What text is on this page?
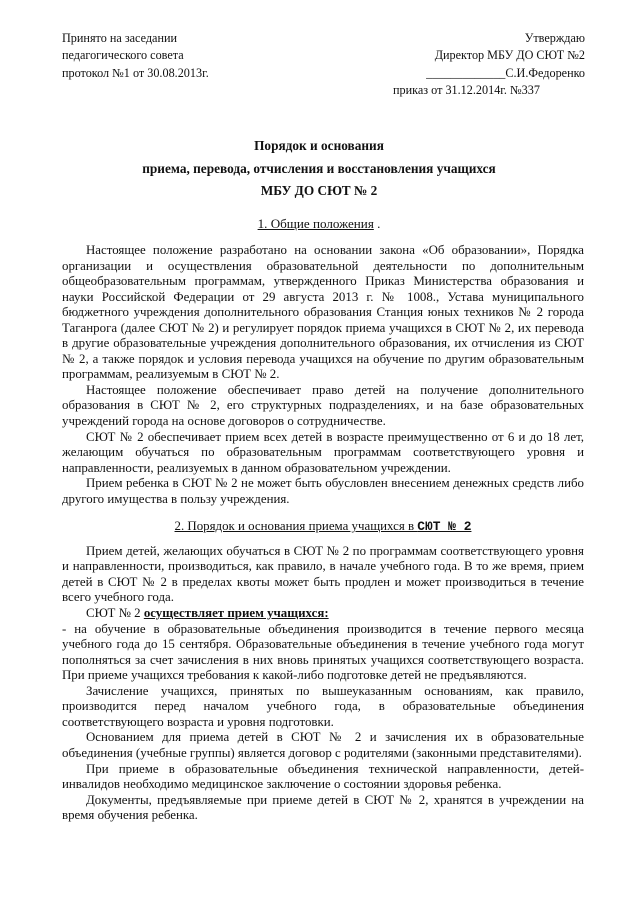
Принято на заседании
педагогического совета
протокол №1 от 30.08.2013г.
Утверждаю
Директор МБУ ДО СЮТ №2
_____________С.И.Федоренко
приказ от 31.12.2014г. №337
Порядок и основания
приема, перевода, отчисления и восстановления учащихся
МБУ ДО СЮТ № 2
1. Общие положения .

Настоящее положение разработано на основании закона «Об образовании», Порядка организации и осуществления образовательной деятельности по дополнительным общеобразовательным программам, утвержденного Приказ Министерства образования и науки Российской Федерации от 29 августа 2013 г. № 1008., Устава муниципального бюджетного учреждения дополнительного образования Станция юных техников № 2 города Таганрога (далее СЮТ № 2) и регулирует порядок приема учащихся в СЮТ № 2, их перевода в другие образовательные учреждения дополнительного образования, их отчисления из СЮТ № 2, а также порядок и условия перевода учащихся на обучение по другим образовательным программам, реализуемым в СЮТ № 2.

Настоящее положение обеспечивает право детей на получение дополнительного образования в СЮТ № 2, его структурных подразделениях, и на базе образовательных учреждений города на основе договоров о сотрудничестве.

СЮТ № 2 обеспечивает прием всех детей в возрасте преимущественно от 6 и до 18 лет, желающим обучаться по образовательным программам соответствующего уровня и направленности, реализуемых в данном образовательном учреждении.

Прием ребенка в СЮТ № 2 не может быть обусловлен внесением денежных средств либо другого имущества в пользу учреждения.

2. Порядок и основания приема учащихся в СЮТ № 2

Прием детей, желающих обучаться в СЮТ № 2 по программам соответствующего уровня и направленности, производиться, как правило, в начале учебного года. В то же время, прием детей в СЮТ № 2 в пределах квоты может быть продлен и может производиться в течение всего учебного года.

СЮТ № 2 осуществляет прием учащихся:

- на обучение в образовательные объединения производится в течение первого месяца учебного года до 15 сентября. Образовательные объединения в течение учебного года могут пополняться за счет зачисления в них вновь принятых учащихся соответствующего возраста. При приеме учащихся требования к какой-либо подготовке детей не предъявляются.

Зачисление учащихся, принятых по вышеуказанным основаниям, как правило, производится перед началом учебного года, в образовательные объединения соответствующего возраста и уровня подготовки.

Основанием для приема детей в СЮТ № 2 и зачисления их в образовательные объединения (учебные группы) является договор с родителями (законными представителями).

При приеме в образовательные объединения технической направленности, детей-инвалидов необходимо медицинское заключение о состоянии здоровья ребенка.

Документы, предъявляемые при приеме детей в СЮТ № 2, хранятся в учреждении на время обучения ребенка.
